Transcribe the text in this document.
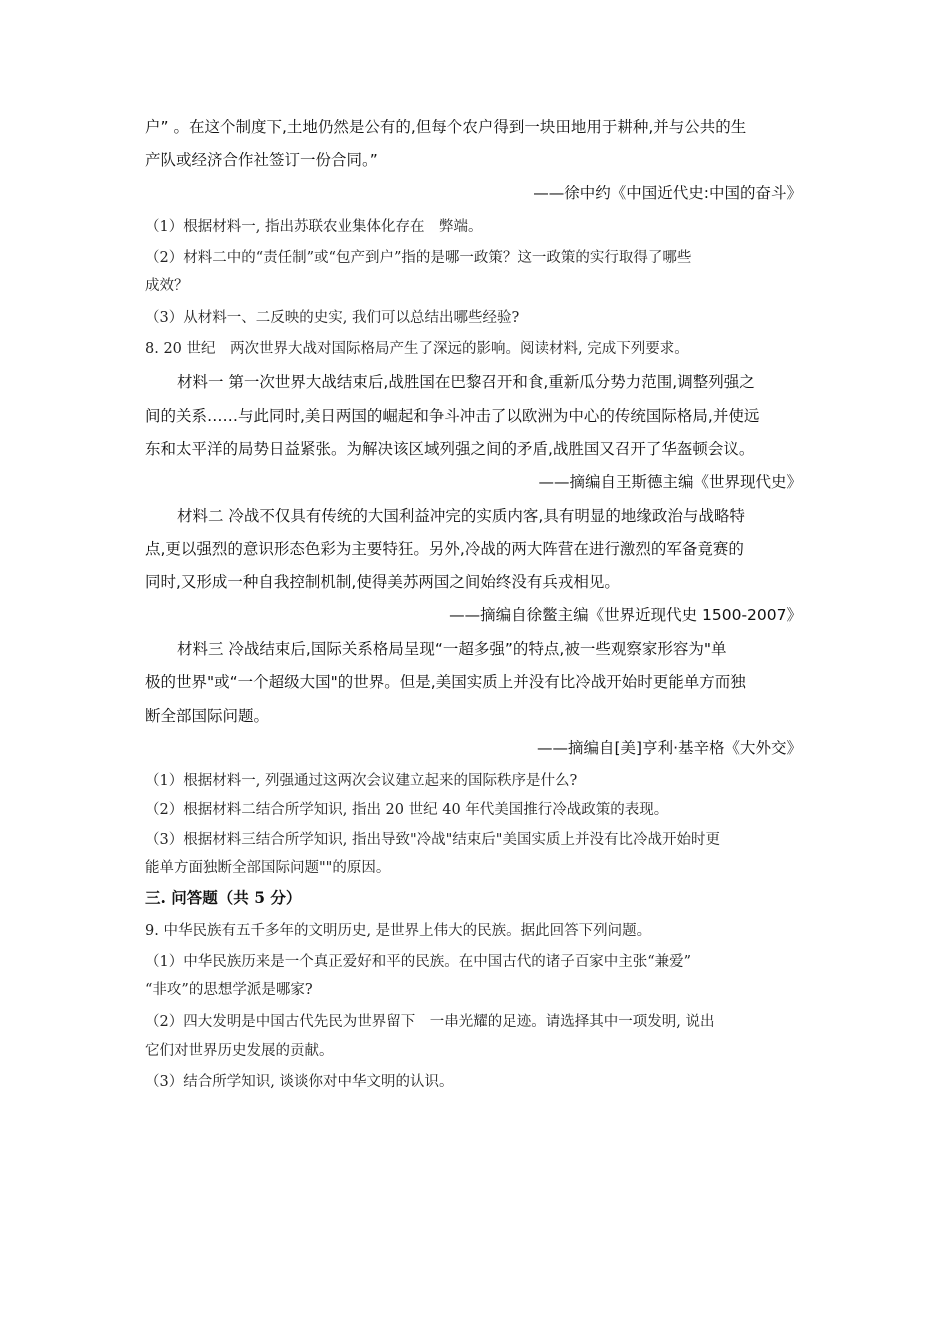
户” 。在这个制度下,土地仍然是公有的,但每个农户得到一块田地用于耕种,并与公共的生
产队或经济合作社签订一份合同。”
——徐中约《中国近代史:中国的奋斗》
（1）根据材料一, 指出苏联农业集体化存在　弊端。
（2）材料二中的“责任制”或“包产到户”指的是哪一政策？这一政策的实行取得了哪些
成效？
（3）从材料一、二反映的史实, 我们可以总结出哪些经验?
8. 20 世纪　两次世界大战对国际格局产生了深远的影响。阅读材料, 完成下列要求。
材料一 第一次世界大战结束后,战胜国在巴黎召开和食,重新瓜分势力范围,调整列强之
间的关系……与此同时,美日两国的崛起和争斗冲击了以欧洲为中心的传统国际格局,并使远
东和太平洋的局势日益紧张。为解决该区域列强之间的矛盾,战胜国又召开了华盔顿会议。
——摘编自王斯德主编《世界现代史》
材料二 冷战不仅具有传统的大国利益冲完的实质内客,具有明显的地缘政治与战略特
点,更以强烈的意识形态色彩为主要特狂。另外,冷战的两大阵营在进行激烈的军备竟赛的
同时,又形成一种自我控制机制,使得美苏两国之间始终没有兵戎相见。
——摘编自徐鳖主编《世界近现代史 1500-2007》
材料三 冷战结束后,国际关系格局呈现“一超多强”的特点,被一些观察家形容为"单
极的世界"或“一个超级大国"的世界。但是,美国实质上并没有比冷战开始时更能单方而独
断全部国际问题。
——摘编自[美]亨利·基辛格《大外交》
（1）根据材料一, 列强通过这两次会议建立起来的国际秩序是什么?
（2）根据材料二结合所学知识, 指出 20 世纪 40 年代美国推行冷战政策的表现。
（3）根据材料三结合所学知识, 指出导致"冷战"结束后"美国实质上并没有比冷战开始时更
能单方面独断全部国际问题""的原因。
三. 问答题（共 5 分）
9. 中华民族有五千多年的文明历史, 是世界上伟大的民族。据此回答下列问题。
（1）中华民族历来是一个真正爱好和平的民族。在中国古代的诸子百家中主张“兼爱”
“非攻”的思想学派是哪家?
（2）四大发明是中国古代先民为世界留下　一串光耀的足迹。请选择其中一项发明, 说出
它们对世界历史发展的贡献。
（3）结合所学知识, 谈谈你对中华文明的认识。
